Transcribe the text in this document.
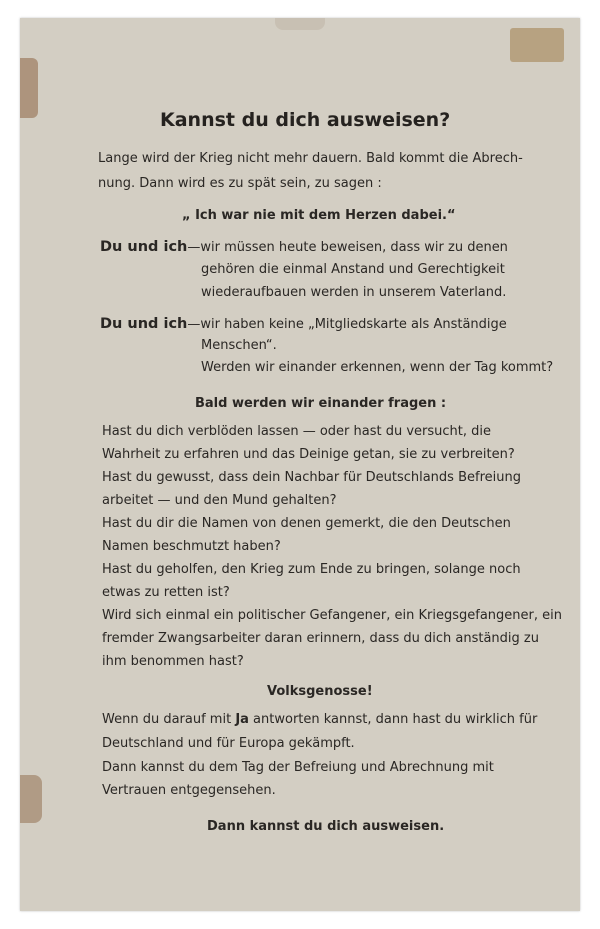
Kannst du dich ausweisen?
Lange wird der Krieg nicht mehr dauern. Bald kommt die Abrech-
nung. Dann wird es zu spät sein, zu sagen :
„ Ich war nie mit dem Herzen dabei.“
Du und ich—wir müssen heute beweisen, dass wir zu denen
gehören die einmal Anstand und Gerechtigkeit
wiederaufbauen werden in unserem Vaterland.
Du und ich—wir haben keine „Mitgliedskarte als Anständige
Menschen“.
Werden wir einander erkennen, wenn der Tag kommt?
Bald werden wir einander fragen :
Hast du dich verblöden lassen — oder hast du versucht, die
Wahrheit zu erfahren und das Deinige getan, sie zu verbreiten?
Hast du gewusst, dass dein Nachbar für Deutschlands Befreiung
arbeitet — und den Mund gehalten?
Hast du dir die Namen von denen gemerkt, die den Deutschen
Namen beschmutzt haben?
Hast du geholfen, den Krieg zum Ende zu bringen, solange noch
etwas zu retten ist?
Wird sich einmal ein politischer Gefangener, ein Kriegsgefangener, ein
fremder Zwangsarbeiter daran erinnern, dass du dich anständig zu
ihm benommen hast?
Volksgenosse!
Wenn du darauf mit Ja antworten kannst, dann hast du wirklich für
Deutschland und für Europa gekämpft.
Dann kannst du dem Tag der Befreiung und Abrechnung mit
Vertrauen entgegensehen.
Dann kannst du dich ausweisen.
